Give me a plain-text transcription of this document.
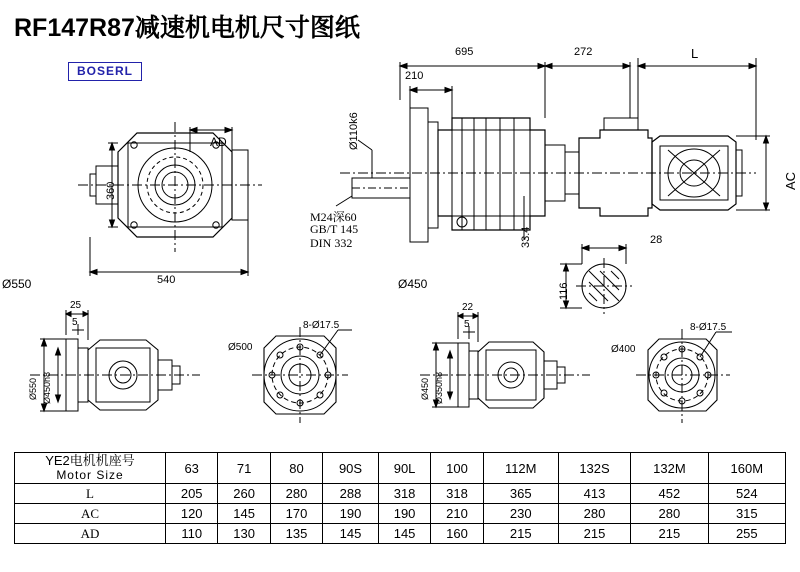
RF147R87减速机电机尺寸图纸
BOSERL
695
210
272	L
Ø110k6
M24深60
GB/T 145
DIN 332	33.4
AC
28
116
AD
360
540
Ø550	Ø450
8-Ø17.5	8-Ø17.5
25
5
22
5
Ø550 Ø450h8
Ø500
Ø450 Ø350h8
Ø400
YE2电机机座号
Motor Size	63	71	80	90S	90L	100	112M	132S	132M	160M
L	205	260	280	288	318	318	365	413	452	524
AC	120	145	170	190	190	210	230	280	280	315
AD	110	130	135	145	145	160	215	215	215	255
